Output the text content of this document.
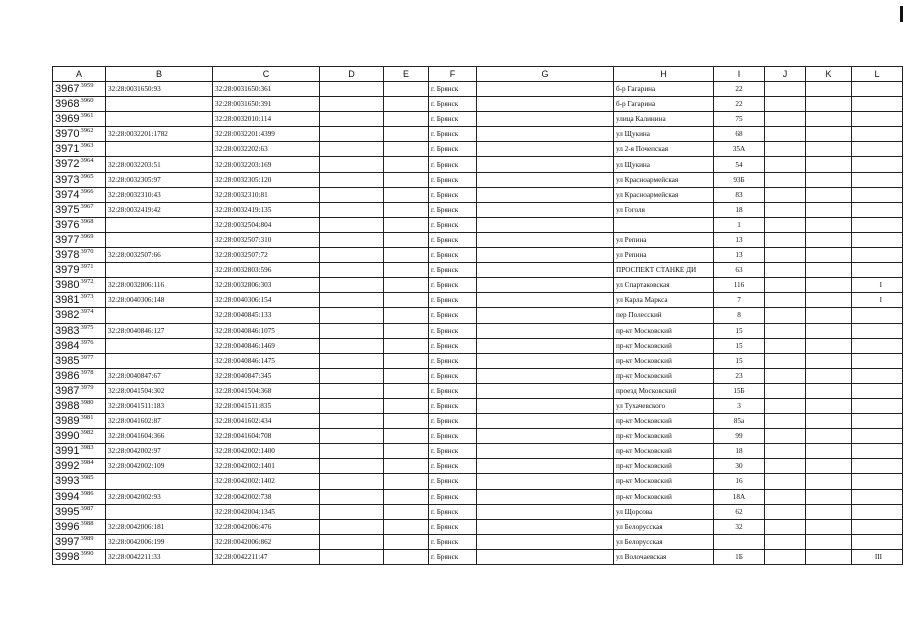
A	B	C	D	E	F	G	H	I	J	K	L
$3967^{3959}$	32:28:0031650:93	32:28:0031650:361			г. Брянск		б-р Гагарина	22			
$3968^{3960}$		32:28:0031650:391			г. Брянск		б-р Гагарина	22			
$3969^{3961}$		32:28:0032010:114			г. Брянск		улица Калинина	75			
$3970^{3962}$	32:28:0032201:1782	32:28:0032201:4399			г. Брянск		ул Щукина	68			
$3971^{3963}$		32:28:0032202:63			г. Брянск		ул 2-я Почепская	35А			
$3972^{3964}$	32:28:0032203:51	32:28:0032203:169			г. Брянск		ул Щукина	54			
$3973^{3965}$	32:28:0032305:97	32:28:0032305:120			г. Брянск		ул Красноармейская	93Б			
$3974^{3966}$	32:28:0032310:43	32:28:0032310:81			г. Брянск		ул Красноармейская	83			
$3975^{3967}$	32:28:0032419:42	32:28:0032419:135			г. Брянск		ул Гоголя	18			
$3976^{3968}$		32:28:0032504:804			г. Брянск			1			
$3977^{3969}$		32:28:0032507:310			г. Брянск		ул Репина	13			
$3978^{3970}$	32:28:0032507:66	32:28:0032507:72			г. Брянск		ул Репина	13			
$3979^{3971}$		32:28:0032803:596			г. Брянск		ПРОСПЕКТ СТАНКЕ ДИ	63			
$3980^{3972}$	32:28:0032806:116	32:28:0032806:303			г. Брянск		ул Спартаковская	116			I
$3981^{3973}$	32:28:0040306:148	32:28:0040306:154			г. Брянск		ул Карла Маркса	7			I
$3982^{3974}$		32:28:0040845:133			г. Брянск		пер Полесский	8			
$3983^{3975}$	32:28:0040846:127	32:28:0040846:1075			г. Брянск		пр-кт Московский	15			
$3984^{3976}$		32:28:0040846:1469			г. Брянск		пр-кт Московский	15			
$3985^{3977}$		32:28:0040846:1475			г. Брянск		пр-кт Московский	15			
$3986^{3978}$	32:28:0040847:67	32:28:0040847:345			г. Брянск		пр-кт Московский	23			
$3987^{3979}$	32:28:0041504:302	32:28:0041504:368			г. Брянск		проезд Московский	15Б			
$3988^{3980}$	32:28:0041511:183	32:28:0041511:835			г. Брянск		ул Тухачевского	3			
$3989^{3981}$	32:28:0041602:87	32:28:0041602:434			г. Брянск		пр-кт Московский	85а			
$3990^{3982}$	32:28:0041604:366	32:28:0041604:708			г. Брянск		пр-кт Московский	99			
$3991^{3983}$	32:28:0042002:97	32:28:0042002:1400			г. Брянск		пр-кт Московский	18			
$3992^{3984}$	32:28:0042002:109	32:28:0042002:1401			г. Брянск		пр-кт Московский	30			
$3993^{3985}$		32:28:0042002:1402			г. Брянск		пр-кт Московский	16			
$3994^{3986}$	32:28:0042002:93	32:28:0042002:738			г. Брянск		пр-кт Московский	18А			
$3995^{3987}$		32:28:0042004:1345			г. Брянск		ул Щорсова	62			
$3996^{3988}$	32:28:0042006:181	32:28:0042006:476			г. Брянск		ул Белорусская	32			
$3997^{3989}$	32:28:0042006:199	32:28:0042006:862			г. Брянск		ул Белорусская				
$3998^{3990}$	32:28:0042211:33	32:28:0042211:47			г. Брянск		ул Волочаевская	1Б			III
